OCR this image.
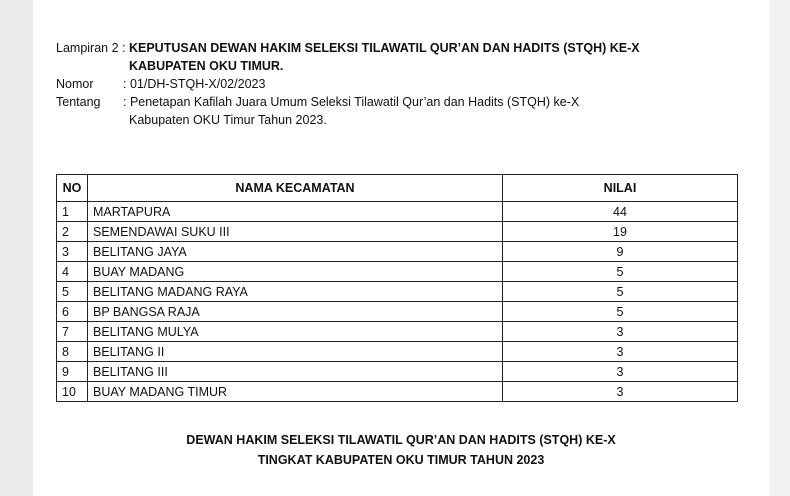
Lampiran 2 :
KEPUTUSAN DEWAN HAKIM SELEKSI TILAWATIL QUR’AN DAN HADITS (STQH) KE-X
KABUPATEN OKU TIMUR.
Nomor	: 01/DH-STQH-X/02/2023
Tentang	: Penetapan Kafilah Juara Umum Seleksi Tilawatil Qur’an dan Hadits (STQH) ke-X
Kabupaten OKU Timur Tahun 2023.
NO	NAMA KECAMATAN	NILAI
1	MARTAPURA	44
2	SEMENDAWAI SUKU III	19
3	BELITANG JAYA	9
4	BUAY MADANG	5
5	BELITANG MADANG RAYA	5
6	BP BANGSA RAJA	5
7	BELITANG MULYA	3
8	BELITANG II	3
9	BELITANG III	3
10	BUAY MADANG TIMUR	3
DEWAN HAKIM SELEKSI TILAWATIL QUR’AN DAN HADITS (STQH) KE-X
TINGKAT KABUPATEN OKU TIMUR TAHUN 2023
